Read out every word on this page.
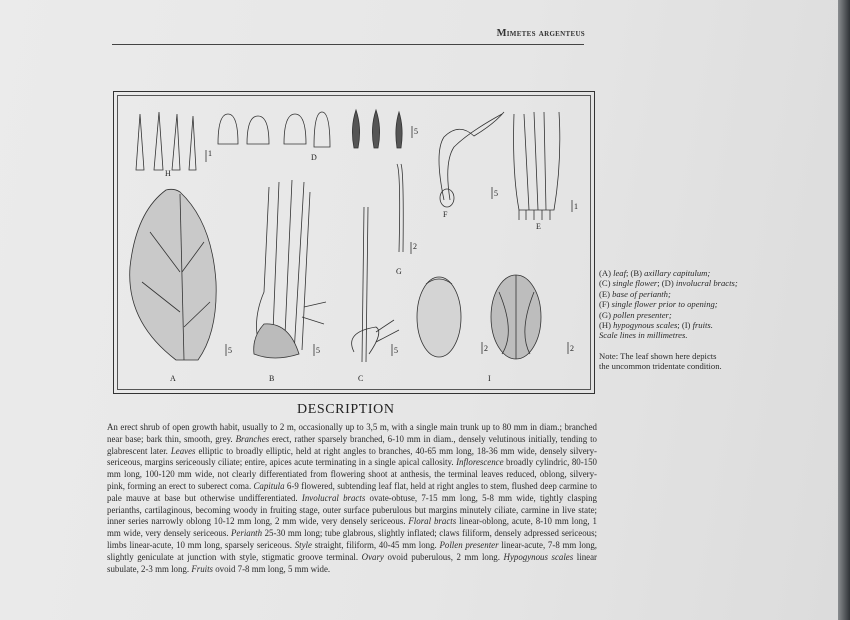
Mimetes argenteus
H
1	D
5
F
5
E
1
G
2
A
5
B
5
C
5	2
I
2
(A) leaf; (B) axillary capitulum;
(C) single flower; (D) involucral bracts;
(E) base of perianth;
(F) single flower prior to opening;
(G) pollen presenter;
(H) hypogynous scales; (I) fruits.
Scale lines in millimetres.
Note: The leaf shown here depicts
the uncommon tridentate condition.
DESCRIPTION
An erect shrub of open growth habit, usually to 2 m, occasionally up to 3,5 m, with a single main trunk up to 80 mm in diam.; branched near base; bark thin, smooth, grey. Branches erect, rather sparsely branched, 6-10 mm in diam., densely velutinous initially, tending to glabrescent later. Leaves elliptic to broadly elliptic, held at right angles to branches, 40-65 mm long, 18-36 mm wide, densely silvery-sericeous, margins sericeously ciliate; entire, apices acute terminating in a single apical callosity. Inflorescence broadly cylindric, 80-150 mm long, 100-120 mm wide, not clearly differentiated from flowering shoot at anthesis, the terminal leaves reduced, oblong, silvery-pink, forming an erect to suberect coma. Capitula 6-9 flowered, subtending leaf flat, held at right angles to stem, flushed deep carmine to pale mauve at base but otherwise undifferentiated. Involucral bracts ovate-obtuse, 7-15 mm long, 5-8 mm wide, tightly clasping perianths, cartilaginous, becoming woody in fruiting stage, outer surface puberulous but margins minutely ciliate, carmine in live state; inner series narrowly oblong 10-12 mm long, 2 mm wide, very densely sericeous. Floral bracts linear-oblong, acute, 8-10 mm long, 1 mm wide, very densely sericeous. Perianth 25-30 mm long; tube glabrous, slightly inflated; claws filiform, densely adpressed sericeous; limbs linear-acute, 10 mm long, sparsely sericeous. Style straight, filiform, 40-45 mm long. Pollen presenter linear-acute, 7-8 mm long, slightly geniculate at junction with style, stigmatic groove terminal. Ovary ovoid puberulous, 2 mm long. Hypogynous scales linear subulate, 2-3 mm long. Fruits ovoid 7-8 mm long, 5 mm wide.
